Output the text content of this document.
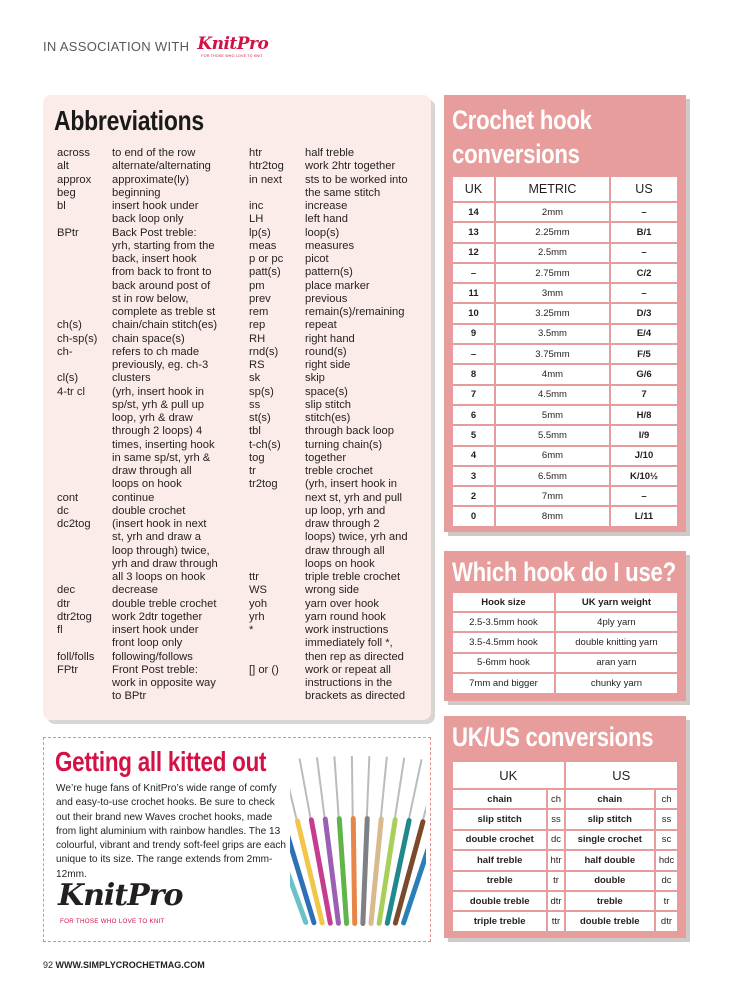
IN ASSOCIATION WITH KnitPro
FOR THOSE WHO LOVE TO KNIT
Abbreviations
across	to end of the row
alt	alternate/alternating
approx	approximate(ly)
beg	beginning
bl	insert hook under
back loop only
BPtr	Back Post treble:
yrh, starting from the
back, insert hook
from back to front to
back around post of
st in row below,
complete as treble st
ch(s)	chain/chain stitch(es)
ch-sp(s)	chain space(s)
ch-	refers to ch made
previously, eg. ch-3
cl(s)	clusters
4-tr cl	(yrh, insert hook in
sp/st, yrh & pull up
loop, yrh & draw
through 2 loops) 4
times, inserting hook
in same sp/st, yrh &
draw through all
loops on hook
cont	continue
dc	double crochet
dc2tog	(insert hook in next
st, yrh and draw a
loop through) twice,
yrh and draw through
all 3 loops on hook
dec	decrease
dtr	double treble crochet
dtr2tog	work 2dtr together
fl	insert hook under
front loop only
foll/folls	following/follows
FPtr	Front Post treble:
work in opposite way
to BPtr
htr	half treble
htr2tog	work 2htr together
in next	sts to be worked into
the same stitch
inc	increase
LH	left hand
lp(s)	loop(s)
meas	measures
p or pc	picot
patt(s)	pattern(s)
pm	place marker
prev	previous
rem	remain(s)/remaining
rep	repeat
RH	right hand
rnd(s)	round(s)
RS	right side
sk	skip
sp(s)	space(s)
ss	slip stitch
st(s)	stitch(es)
tbl	through back loop
t-ch(s)	turning chain(s)
tog	together
tr	treble crochet
tr2tog	(yrh, insert hook in
next st, yrh and pull
up loop, yrh and
draw through 2
loops) twice, yrh and
draw through all
loops on hook
ttr	triple treble crochet
WS	wrong side
yoh	yarn over hook
yrh	yarn round hook
*	work instructions
immediately foll *,
then rep as directed
[] or ()	work or repeat all
instructions in the
brackets as directed
Crochet hook
conversions
UK	METRIC	US
14	2mm	–
13	2.25mm	B/1
12	2.5mm	–
–	2.75mm	C/2
11	3mm	–
10	3.25mm	D/3
9	3.5mm	E/4
–	3.75mm	F/5
8	4mm	G/6
7	4.5mm	7
6	5mm	H/8
5	5.5mm	I/9
4	6mm	J/10
3	6.5mm	K/10½
2	7mm	–
0	8mm	L/11
Which hook do I use?
Hook size	UK yarn weight
2.5-3.5mm hook	4ply yarn
3.5-4.5mm hook	double knitting yarn
5-6mm hook	aran yarn
7mm and bigger	chunky yarn
UK/US conversions
UK		US	
chain	ch	chain	ch
slip stitch	ss	slip stitch	ss
double crochet	dc	single crochet	sc
half treble	htr	half double	hdc
treble	tr	double	dc
double treble	dtr	treble	tr
triple treble	ttr	double treble	dtr
Getting all kitted out
We’re huge fans of KnitPro’s wide range of comfy and easy-to-use crochet hooks. Be sure to check out their brand new Waves crochet hooks, made from light aluminium with rainbow handles. The 13 colourful, vibrant and trendy soft-feel grips are each unique to its size. The range extends from 2mm-12mm.
KnitPro
FOR THOSE WHO LOVE TO KNIT
92 WWW.SIMPLYCROCHETMAG.COM
